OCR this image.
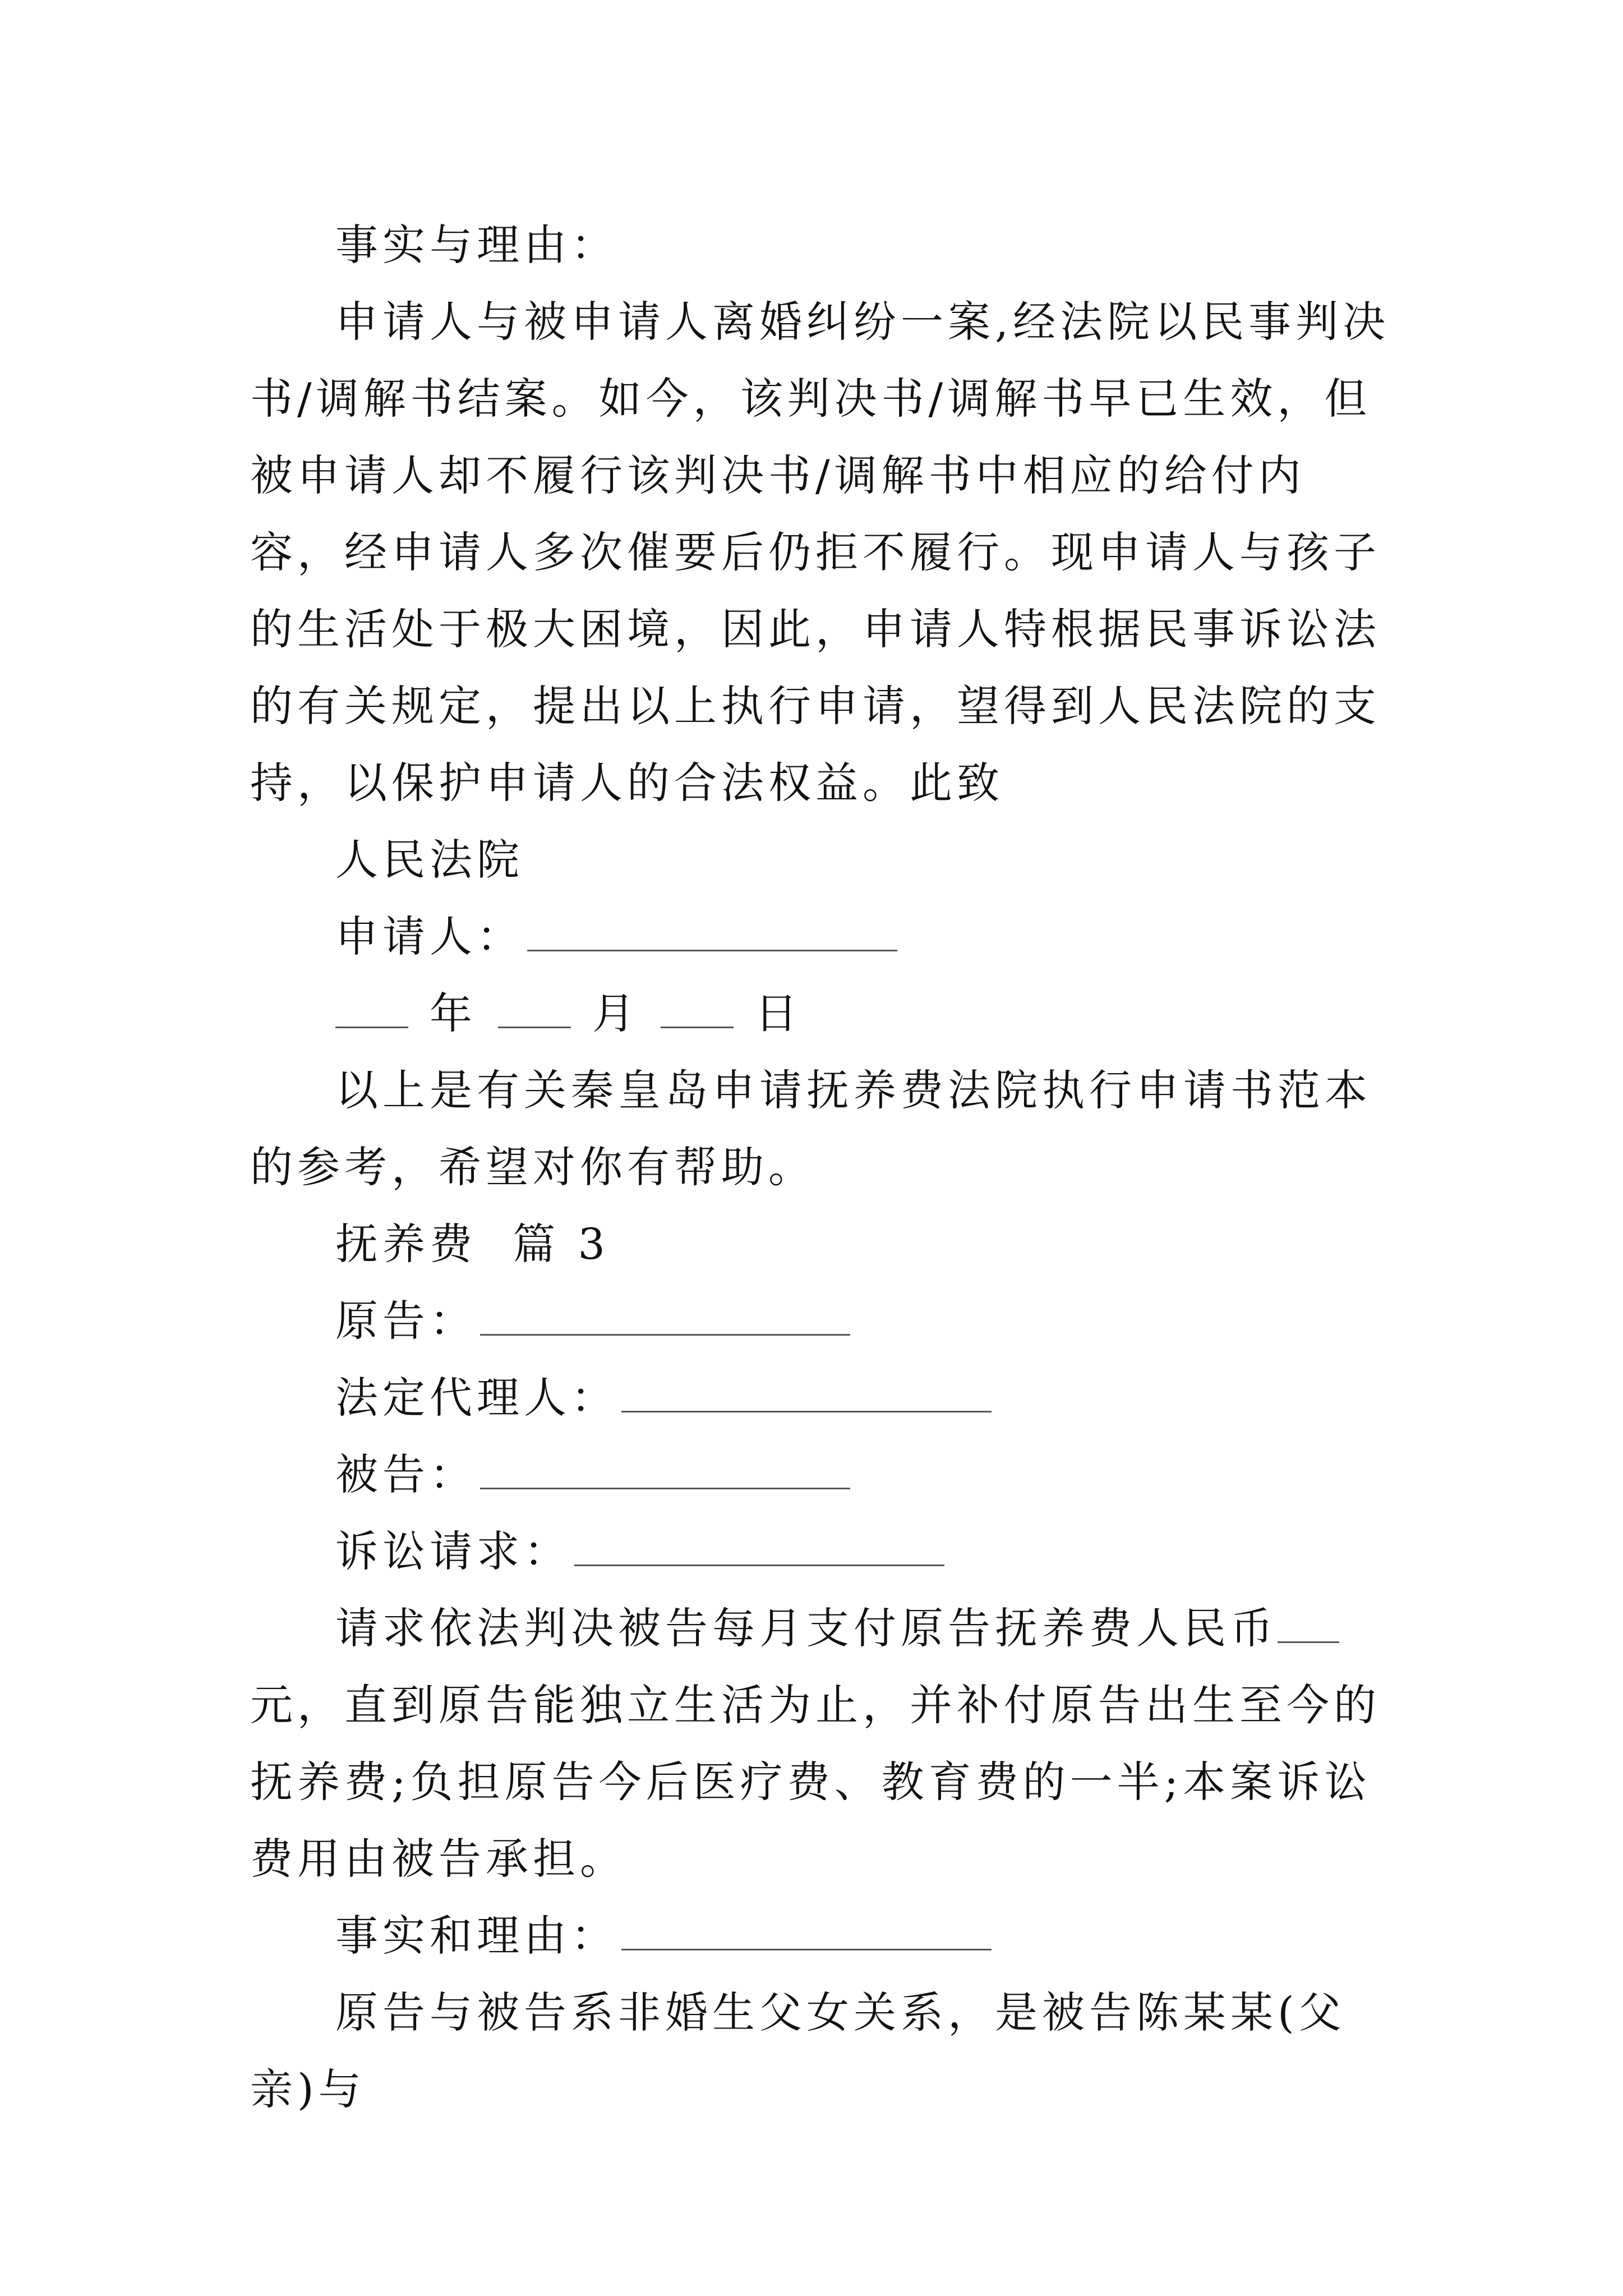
事实与理由：

申请人与被申请人离婚纠纷一案,经法院以民事判决书/调解书结案。如今，该判决书/调解书早已生效，但被申请人却不履行该判决书/调解书中相应的给付内容，经申请人多次催要后仍拒不履行。现申请人与孩子的生活处于极大困境，因此，申请人特根据民事诉讼法的有关规定，提出以上执行申请，望得到人民法院的支持，以保护申请人的合法权益。此致

人民法院

申请人：

年	月	日

以上是有关秦皇岛申请抚养费法院执行申请书范本的参考，希望对你有帮助。

抚养费  篇 3

原告：

法定代理人：

被告：

诉讼请求：

请求依法判决被告每月支付原告抚养费人民币元，直到原告能独立生活为止，并补付原告出生至今的抚养费;负担原告今后医疗费、教育费的一半;本案诉讼费用由被告承担。

事实和理由：

原告与被告系非婚生父女关系，是被告陈某某(父亲)与
